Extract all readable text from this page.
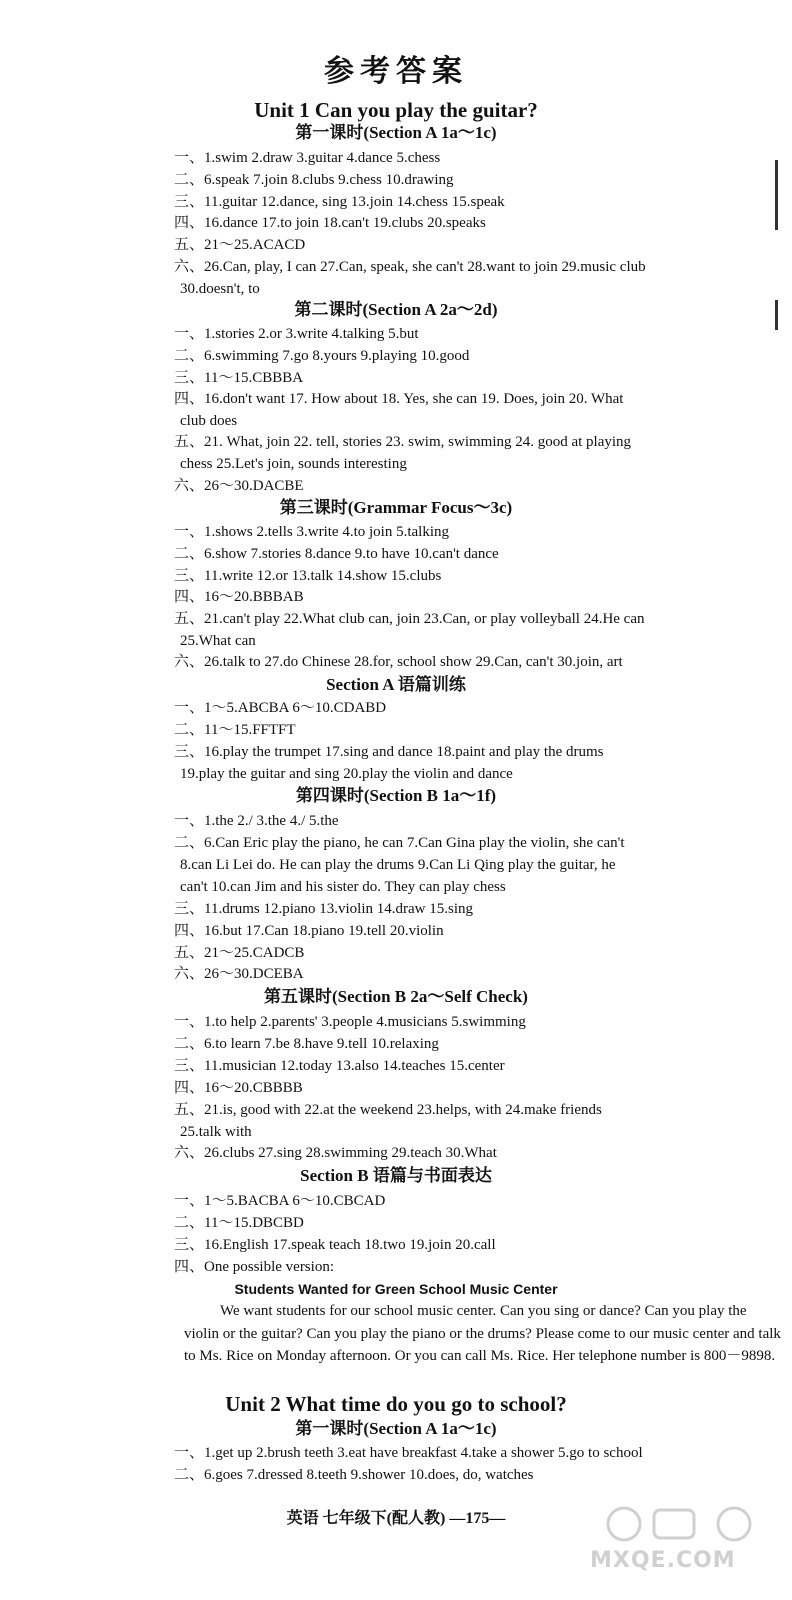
参考答案
Unit 1 Can you play the guitar?
第一课时(Section A 1a～1c)
一、1.swim 2.draw 3.guitar 4.dance 5.chess
二、6.speak 7.join 8.clubs 9.chess 10.drawing
三、11.guitar 12.dance, sing 13.join 14.chess 15.speak
四、16.dance 17.to join 18.can't 19.clubs 20.speaks
五、21～25.ACACD
六、26.Can, play, I can 27.Can, speak, she can't 28.want to join 29.music club
30.doesn't, to
第二课时(Section A 2a～2d)
一、1.stories 2.or 3.write 4.talking 5.but
二、6.swimming 7.go 8.yours 9.playing 10.good
三、11～15.CBBBA
四、16.don't want 17. How about 18. Yes, she can 19. Does, join 20. What
club does
五、21. What, join 22. tell, stories 23. swim, swimming 24. good at playing
chess 25.Let's join, sounds interesting
六、26～30.DACBE
第三课时(Grammar Focus～3c)
一、1.shows 2.tells 3.write 4.to join 5.talking
二、6.show 7.stories 8.dance 9.to have 10.can't dance
三、11.write 12.or 13.talk 14.show 15.clubs
四、16～20.BBBAB
五、21.can't play 22.What club can, join 23.Can, or play volleyball 24.He can
25.What can
六、26.talk to 27.do Chinese 28.for, school show 29.Can, can't 30.join, art
Section A 语篇训练
一、1～5.ABCBA 6～10.CDABD
二、11～15.FFTFT
三、16.play the trumpet 17.sing and dance 18.paint and play the drums
19.play the guitar and sing 20.play the violin and dance
第四课时(Section B 1a～1f)
一、1.the 2./ 3.the 4./ 5.the
二、6.Can Eric play the piano, he can 7.Can Gina play the violin, she can't
8.can Li Lei do. He can play the drums 9.Can Li Qing play the guitar, he
can't 10.can Jim and his sister do. They can play chess
三、11.drums 12.piano 13.violin 14.draw 15.sing
四、16.but 17.Can 18.piano 19.tell 20.violin
五、21～25.CADCB
六、26～30.DCEBA
第五课时(Section B 2a～Self Check)
一、1.to help 2.parents' 3.people 4.musicians 5.swimming
二、6.to learn 7.be 8.have 9.tell 10.relaxing
三、11.musician 12.today 13.also 14.teaches 15.center
四、16～20.CBBBB
五、21.is, good with 22.at the weekend 23.helps, with 24.make friends
25.talk with
六、26.clubs 27.sing 28.swimming 29.teach 30.What
Section B 语篇与书面表达
一、1～5.BACBA 6～10.CBCAD
二、11～15.DBCBD
三、16.English 17.speak teach 18.two 19.join 20.call
四、One possible version:
Students Wanted for Green School Music Center
We want students for our school music center. Can you sing or dance? Can you play the violin or the guitar? Can you play the piano or the drums? Please come to our music center and talk to Ms. Rice on Monday afternoon. Or you can call Ms. Rice. Her telephone number is 800－9898.
Unit 2 What time do you go to school?
第一课时(Section A 1a～1c)
一、1.get up 2.brush teeth 3.eat have breakfast 4.take a shower 5.go to school
二、6.goes 7.dressed 8.teeth 9.shower 10.does, do, watches
英语 七年级下(配人教) —175—
MXQE.COM
